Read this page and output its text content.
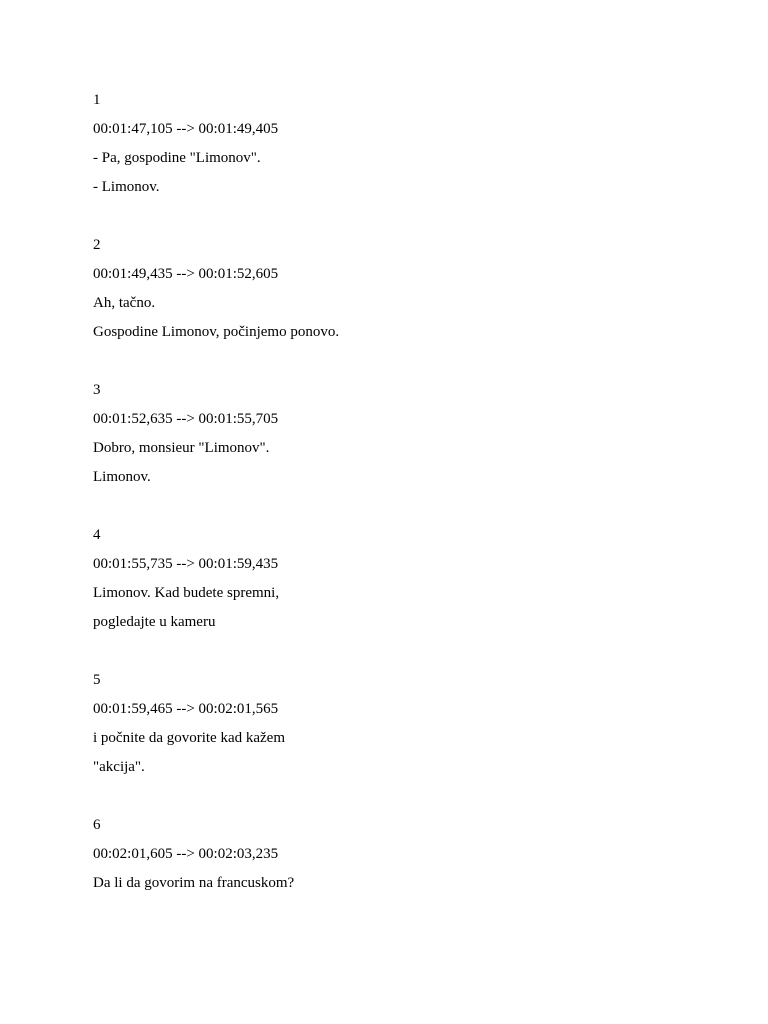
1
00:01:47,105 --> 00:01:49,405
- Pa, gospodine "Limonov".
- Limonov.
2
00:01:49,435 --> 00:01:52,605
Ah, tačno.
Gospodine Limonov, počinjemo ponovo.
3
00:01:52,635 --> 00:01:55,705
Dobro, monsieur "Limonov".
Limonov.
4
00:01:55,735 --> 00:01:59,435
Limonov. Kad budete spremni,
pogledajte u kameru
5
00:01:59,465 --> 00:02:01,565
i počnite da govorite kad kažem
"akcija".
6
00:02:01,605 --> 00:02:03,235
Da li da govorim na francuskom?
